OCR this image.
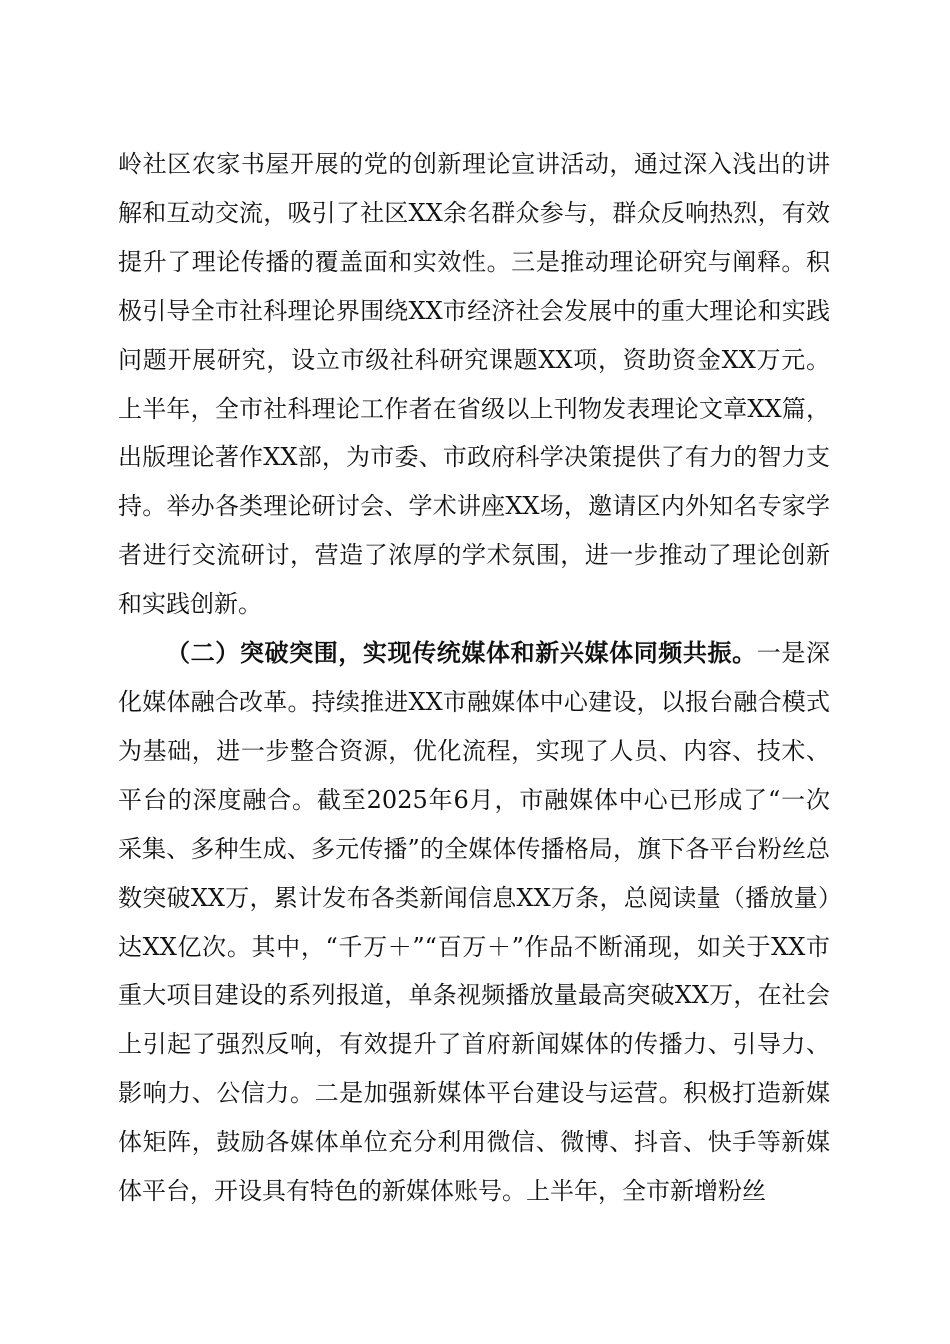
岭社区农家书屋开展的党的创新理论宣讲活动，通过深入浅出的讲解和互动交流，吸引了社区XX余名群众参与，群众反响热烈，有效提升了理论传播的覆盖面和实效性。三是推动理论研究与阐释。积极引导全市社科理论界围绕XX市经济社会发展中的重大理论和实践问题开展研究，设立市级社科研究课题XX项，资助资金XX万元。上半年，全市社科理论工作者在省级以上刊物发表理论文章XX篇，出版理论著作XX部，为市委、市政府科学决策提供了有力的智力支持。举办各类理论研讨会、学术讲座XX场，邀请区内外知名专家学者进行交流研讨，营造了浓厚的学术氛围，进一步推动了理论创新和实践创新。

（二）突破突围，实现传统媒体和新兴媒体同频共振。一是深化媒体融合改革。持续推进XX市融媒体中心建设，以报台融合模式为基础，进一步整合资源，优化流程，实现了人员、内容、技术、平台的深度融合。截至2025年6月，市融媒体中心已形成了“一次采集、多种生成、多元传播”的全媒体传播格局，旗下各平台粉丝总数突破XX万，累计发布各类新闻信息XX万条，总阅读量（播放量）达XX亿次。其中，“千万＋”“百万＋”作品不断涌现，如关于XX市重大项目建设的系列报道，单条视频播放量最高突破XX万，在社会上引起了强烈反响，有效提升了首府新闻媒体的传播力、引导力、影响力、公信力。二是加强新媒体平台建设与运营。积极打造新媒体矩阵，鼓励各媒体单位充分利用微信、微博、抖音、快手等新媒体平台，开设具有特色的新媒体账号。上半年，全市新增粉丝
